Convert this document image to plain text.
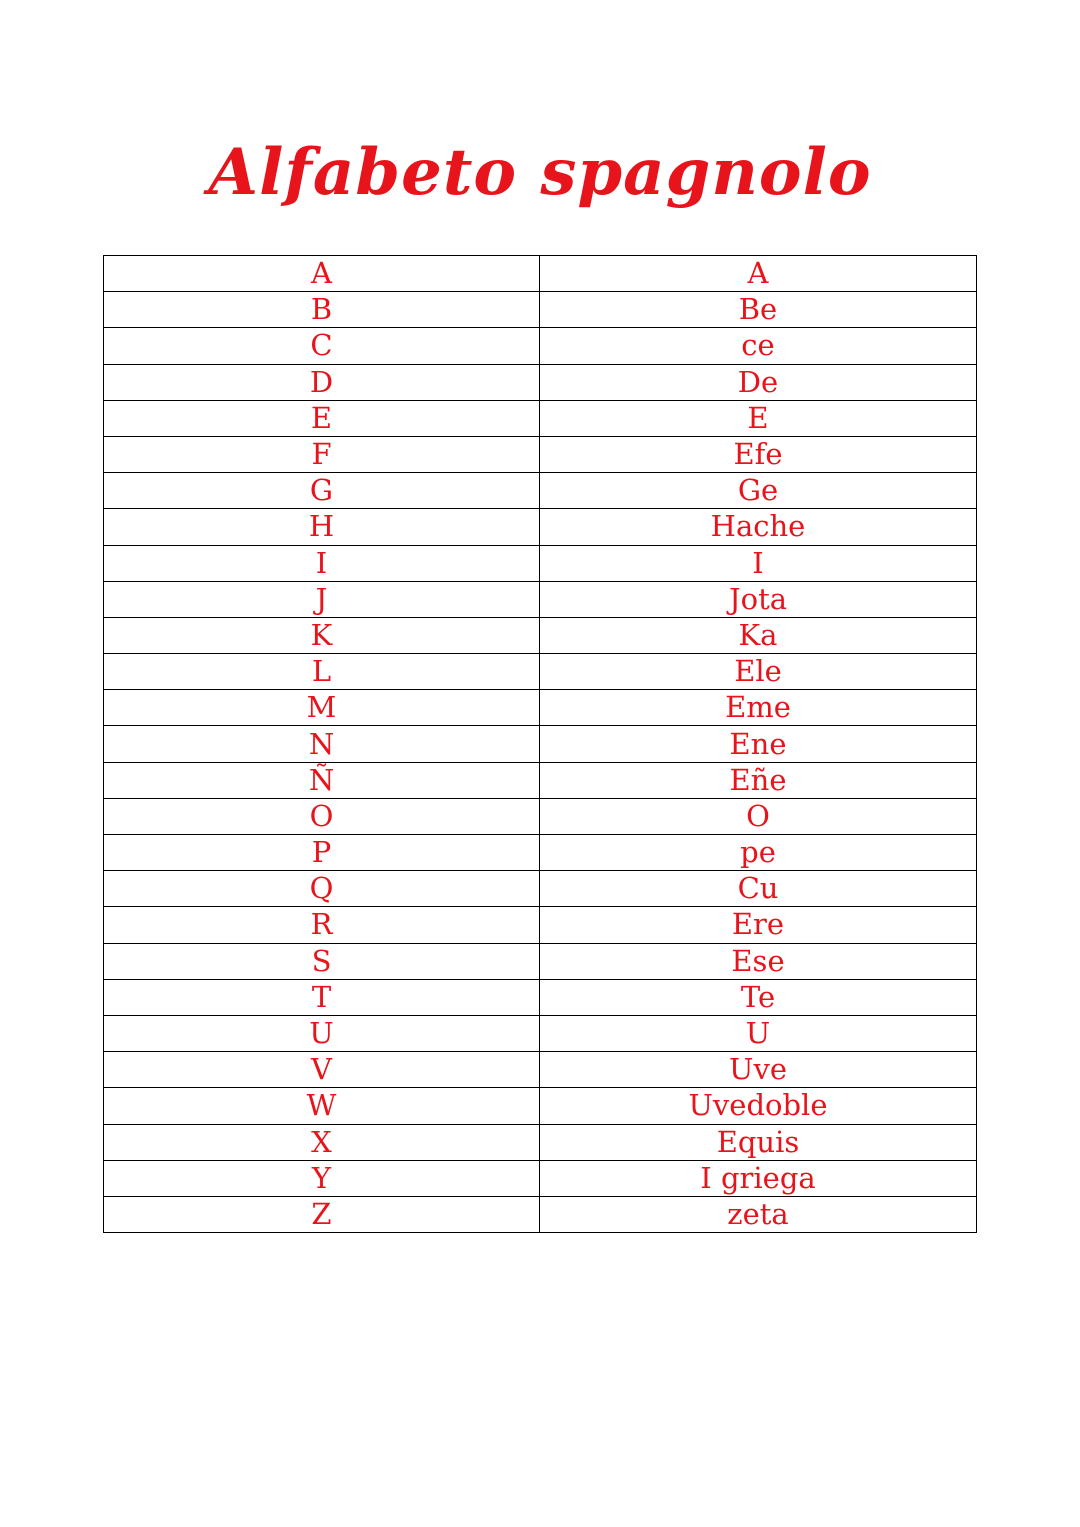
Alfabeto spagnolo
A	A
B	Be
C	ce
D	De
E	E
F	Efe
G	Ge
H	Hache
I	I
J	Jota
K	Ka
L	Ele
M	Eme
N	Ene
Ñ	Eñe
O	O
P	pe
Q	Cu
R	Ere
S	Ese
T	Te
U	U
V	Uve
W	Uvedoble
X	Equis
Y	I griega
Z	zeta
